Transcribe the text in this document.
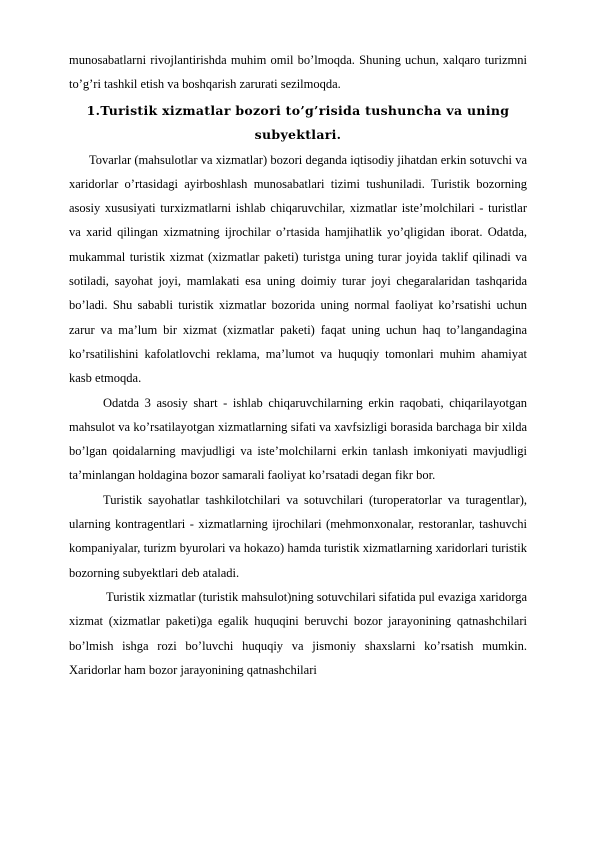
munosabatlarni rivojlantirishda muhim omil bo’lmoqda. Shuning uchun, xalqaro turizmni to’g’ri tashkil etish va boshqarish zarurati sezilmoqda.

1.Turistik xizmatlar bozori to’g’risida tushuncha va uning subyektlari.

Tovarlar (mahsulotlar va xizmatlar) bozori deganda iqtisodiy jihatdan erkin sotuvchi va xaridorlar o’rtasidagi ayirboshlash munosabatlari tizimi tushuniladi. Turistik bozorning asosiy xususiyati turxizmatlarni ishlab chiqaruvchilar, xizmatlar iste’molchilari - turistlar va xarid qilingan xizmatning ijrochilar o’rtasida hamjihatlik yo’qligidan iborat. Odatda, mukammal turistik xizmat (xizmatlar paketi) turistga uning turar joyida taklif qilinadi va sotiladi, sayohat joyi, mamlakati esa uning doimiy turar joyi chegaralaridan tashqarida bo’ladi. Shu sababli turistik xizmatlar bozorida uning normal faoliyat ko’rsatishi uchun zarur va ma’lum bir xizmat (xizmatlar paketi) faqat uning uchun haq to’langandagina ko’rsatilishini kafolatlovchi reklama, ma’lumot va huquqiy tomonlari muhim ahamiyat kasb etmoqda.

Odatda 3 asosiy shart - ishlab chiqaruvchilarning erkin raqobati, chiqarilayotgan mahsulot va ko’rsatilayotgan xizmatlarning sifati va xavfsizligi borasida barchaga bir xilda bo’lgan qoidalarning mavjudligi va iste’molchilarni erkin tanlash imkoniyati mavjudligi ta’minlangan holdagina bozor samarali faoliyat ko’rsatadi degan fikr bor.

Turistik sayohatlar tashkilotchilari va sotuvchilari (turoperatorlar va turagentlar), ularning kontragentlari - xizmatlarning ijrochilari (mehmonxonalar, restoranlar, tashuvchi kompaniyalar, turizm byurolari va hokazo) hamda turistik xizmatlarning xaridorlari turistik bozorning subyektlari deb ataladi.

Turistik xizmatlar (turistik mahsulot)ning sotuvchilari sifatida pul evaziga xaridorga xizmat (xizmatlar paketi)ga egalik huquqini beruvchi bozor jarayonining qatnashchilari bo’lmish ishga rozi bo’luvchi huquqiy va jismoniy shaxslarni ko’rsatish mumkin. Xaridorlar ham bozor jarayonining qatnashchilari
